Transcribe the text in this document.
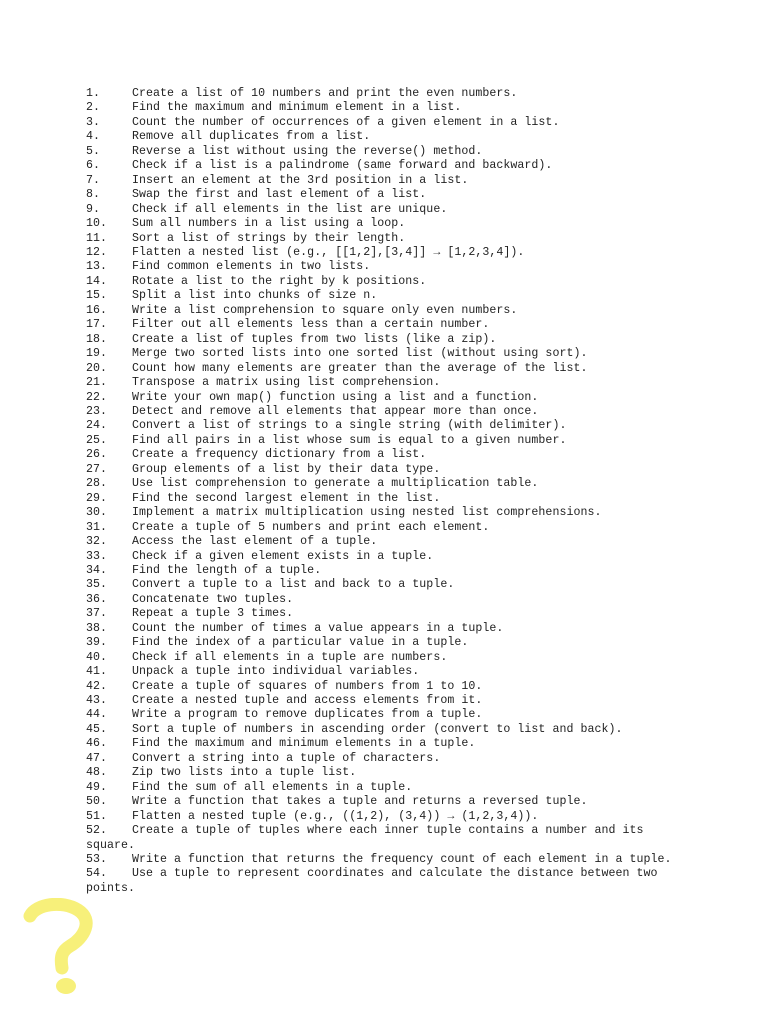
1.	Create a list of 10 numbers and print the even numbers.
2.	Find the maximum and minimum element in a list.
3.	Count the number of occurrences of a given element in a list.
4.	Remove all duplicates from a list.
5.	Reverse a list without using the reverse() method.
6.	Check if a list is a palindrome (same forward and backward).
7.	Insert an element at the 3rd position in a list.
8.	Swap the first and last element of a list.
9.	Check if all elements in the list are unique.
10.	Sum all numbers in a list using a loop.
11.	Sort a list of strings by their length.
12.	Flatten a nested list (e.g., [[1,2],[3,4]] → [1,2,3,4]).
13.	Find common elements in two lists.
14.	Rotate a list to the right by k positions.
15.	Split a list into chunks of size n.
16.	Write a list comprehension to square only even numbers.
17.	Filter out all elements less than a certain number.
18.	Create a list of tuples from two lists (like a zip).
19.	Merge two sorted lists into one sorted list (without using sort).
20.	Count how many elements are greater than the average of the list.
21.	Transpose a matrix using list comprehension.
22.	Write your own map() function using a list and a function.
23.	Detect and remove all elements that appear more than once.
24.	Convert a list of strings to a single string (with delimiter).
25.	Find all pairs in a list whose sum is equal to a given number.
26.	Create a frequency dictionary from a list.
27.	Group elements of a list by their data type.
28.	Use list comprehension to generate a multiplication table.
29.	Find the second largest element in the list.
30.	Implement a matrix multiplication using nested list comprehensions.
31.	Create a tuple of 5 numbers and print each element.
32.	Access the last element of a tuple.
33.	Check if a given element exists in a tuple.
34.	Find the length of a tuple.
35.	Convert a tuple to a list and back to a tuple.
36.	Concatenate two tuples.
37.	Repeat a tuple 3 times.
38.	Count the number of times a value appears in a tuple.
39.	Find the index of a particular value in a tuple.
40.	Check if all elements in a tuple are numbers.
41.	Unpack a tuple into individual variables.
42.	Create a tuple of squares of numbers from 1 to 10.
43.	Create a nested tuple and access elements from it.
44.	Write a program to remove duplicates from a tuple.
45. Sort a tuple of numbers in ascending order (convert to list and back).
46.	Find the maximum and minimum elements in a tuple.
47.	Convert a string into a tuple of characters.
48.	Zip two lists into a tuple list.
49.	Find the sum of all elements in a tuple.
50.	Write a function that takes a tuple and returns a reversed tuple.
51.	Flatten a nested tuple (e.g., ((1,2), (3,4)) → (1,2,3,4)).
52. Create a tuple of tuples where each inner tuple contains a number and its square.
53. Write a function that returns the frequency count of each element in a tuple.
54. Use a tuple to represent coordinates and calculate the distance between two points.
